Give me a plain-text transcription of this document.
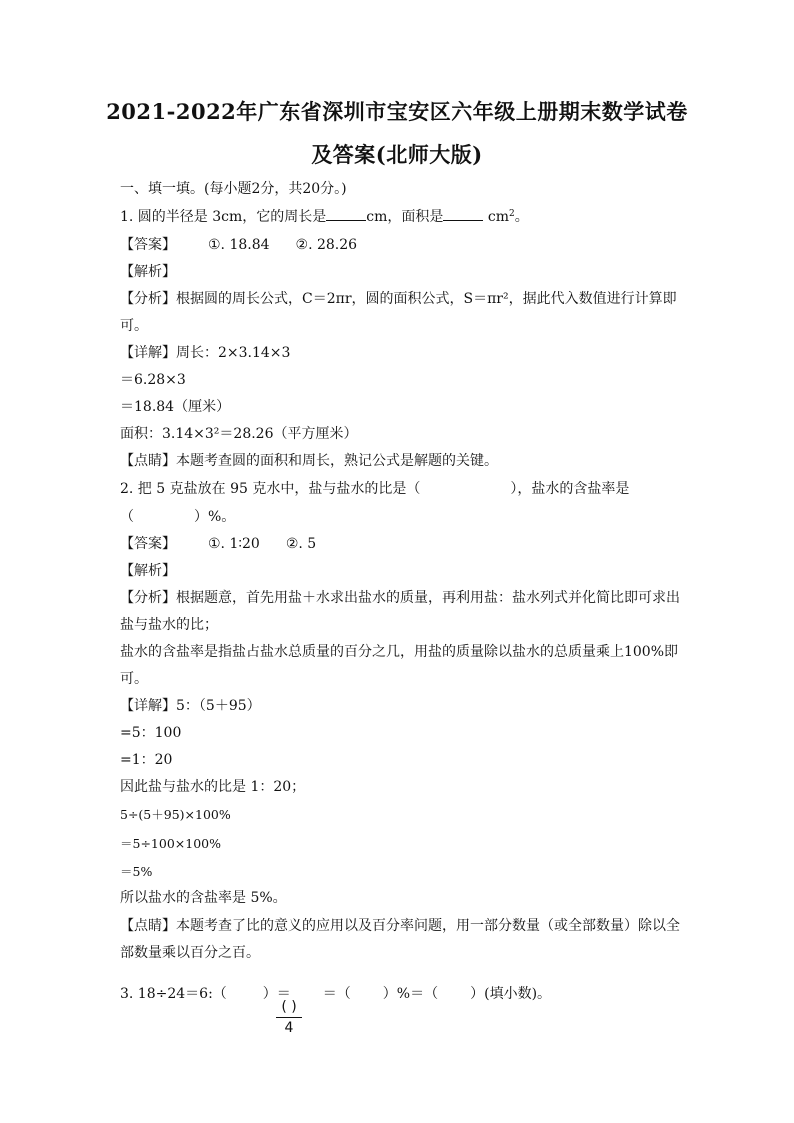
2021-2022年广东省深圳市宝安区六年级上册期末数学试卷
及答案(北师大版)
一、填一填。(每小题2分，共20分。)
1. 圆的半径是 3cm，它的周长是	cm，面积是	$cm^2$。
【答案】 ①. 18.84 ②. 28.26
【解析】
【分析】根据圆的周长公式，C＝2πr，圆的面积公式，S＝πr²，据此代入数值进行计算即
可。
【详解】周长：2×3.14×3
＝6.28×3
＝18.84（厘米）
面积：3.14×3²＝28.26（平方厘米）
【点睛】本题考查圆的面积和周长，熟记公式是解题的关键。
2. 把 5 克盐放在 95 克水中，盐与盐水的比是（	），盐水的含盐率是
（	）%。
【答案】 ①. 1∶20 ②. 5
【解析】
【分析】根据题意，首先用盐＋水求出盐水的质量，再利用盐：盐水列式并化简比即可求出
盐与盐水的比；
盐水的含盐率是指盐占盐水总质量的百分之几，用盐的质量除以盐水的总质量乘上100%即
可。
【详解】5：（5＋95）
=5：100
=1：20
因此盐与盐水的比是 1：20；
5÷(5＋95)×100%
＝5÷100×100%
＝5%
所以盐水的含盐率是 5%。
【点睛】本题考查了比的意义的应用以及百分率问题，用一部分数量（或全部数量）除以全
部数量乘以百分之百。
3. 18÷24＝6:（	）＝ ＝（ ）%＝（ ）(填小数)。
( )
4
